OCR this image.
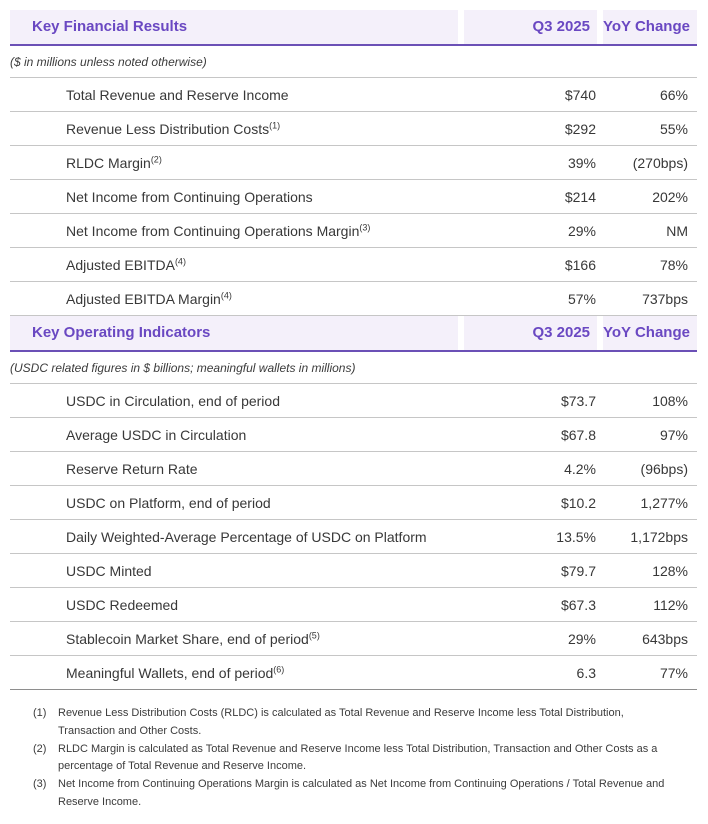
Key Financial Results	Q3 2025 YoY Change
($ in millions unless noted otherwise)
Total Revenue and Reserve Income	$740	66%
Revenue Less Distribution Costs$^{(1)}$	$292	55%
RLDC Margin$^{(2)}$	39%	(270bps)
Net Income from Continuing Operations	$214	202%
Net Income from Continuing Operations Margin$^{(3)}$	29%	NM
Adjusted EBITDA$^{(4)}$	$166	78%
Adjusted EBITDA Margin$^{(4)}$	57%	737bps
Key Operating Indicators	Q3 2025 YoY Change
(USDC related figures in $ billions; meaningful wallets in millions)
USDC in Circulation, end of period	$73.7	108%
Average USDC in Circulation	$67.8	97%
Reserve Return Rate	4.2%	(96bps)
USDC on Platform, end of period	$10.2	1,277%
Daily Weighted-Average Percentage of USDC on Platform	13.5%	1,172bps
USDC Minted	$79.7	128%
USDC Redeemed	$67.3	112%
Stablecoin Market Share, end of period$^{(5)}$	29%	643bps
Meaningful Wallets, end of period$^{(6)}$	6.3	77%
(1)	Revenue Less Distribution Costs (RLDC) is calculated as Total Revenue and Reserve Income less Total Distribution, Transaction and Other Costs.
(2)	RLDC Margin is calculated as Total Revenue and Reserve Income less Total Distribution, Transaction and Other Costs as a percentage of Total Revenue and Reserve Income.
(3)	Net Income from Continuing Operations Margin is calculated as Net Income from Continuing Operations / Total Revenue and Reserve Income.
